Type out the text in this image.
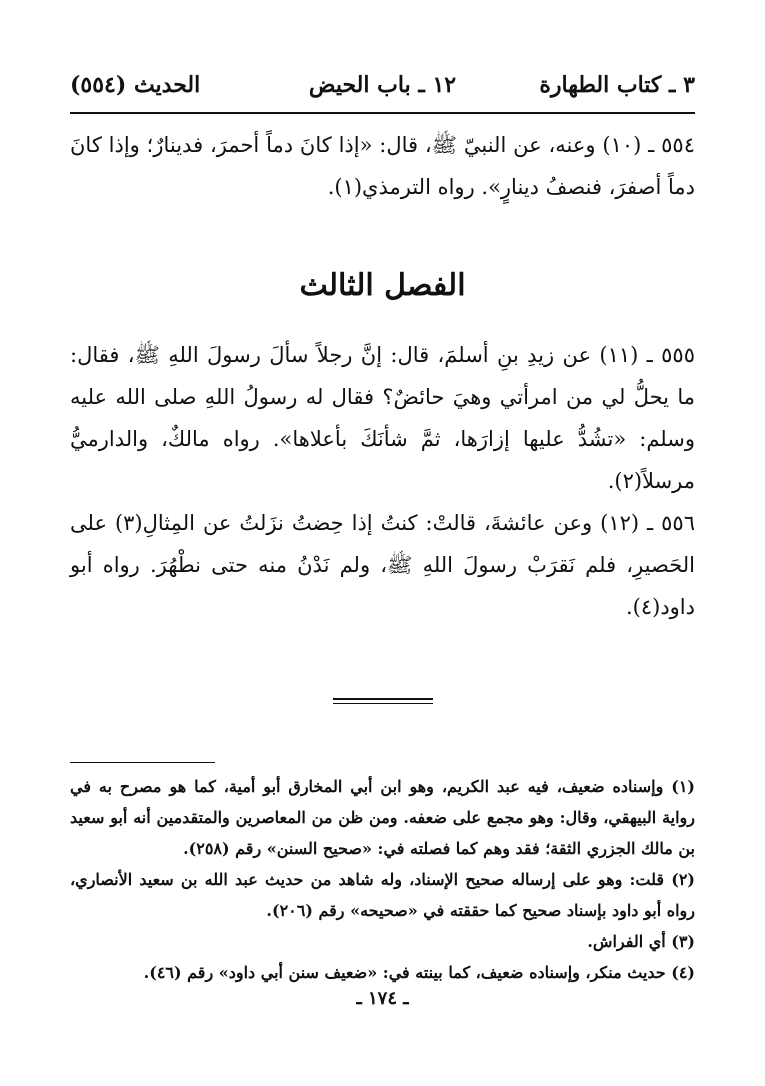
٣ ـ كتاب الطهارة
١٢ ـ باب الحيض
الحديث (٥٥٤)

٥٥٤ ـ (١٠) وعنه، عن النبيّ ﷺ، قال: «إذا كانَ دماً أحمرَ، فدينارٌ؛ وإذا كانَ دماً أصفرَ، فنصفُ دينارٍ». رواه الترمذي(١).

الفصل الثالث

٥٥٥ ـ (١١) عن زيدِ بنِ أسلمَ، قال: إنَّ رجلاً سألَ رسولَ اللهِ ﷺ، فقال: ما يحلُّ لي من امرأتي وهيَ حائضٌ؟ فقال له رسولُ اللهِ صلى الله عليه وسلم: «تشُدُّ عليها إزارَها، ثمَّ شأنَكَ بأعلاها». رواه مالكٌ، والدارميُّ مرسلاً(٢).

٥٥٦ ـ (١٢) وعن عائشةَ، قالتْ: كنتُ إذا حِضتُ نزَلتُ عن المِثالِ(٣) على الحَصيرِ، فلم نَقرَبْ رسولَ اللهِ ﷺ، ولم نَدْنُ منه حتى نطْهُرَ. رواه أبو داود(٤).

(١) وإسناده ضعيف، فيه عبد الكريم، وهو ابن أبي المخارق أبو أمية، كما هو مصرح به في رواية البيهقي، وقال: وهو مجمع على ضعفه. ومن ظن من المعاصرين والمتقدمين أنه أبو سعيد بن مالك الجزري الثقة؛ فقد وهم كما فصلته في: «صحيح السنن» رقم (٢٥٨).

(٢) قلت: وهو على إرساله صحيح الإسناد، وله شاهد من حديث عبد الله بن سعيد الأنصاري، رواه أبو داود بإسناد صحيح كما حققته في «صحيحه» رقم (٢٠٦).

(٣) أي الفراش.

(٤) حديث منكر، وإسناده ضعيف، كما بينته في: «ضعيف سنن أبي داود» رقم (٤٦).

ـ ١٧٤ ـ
